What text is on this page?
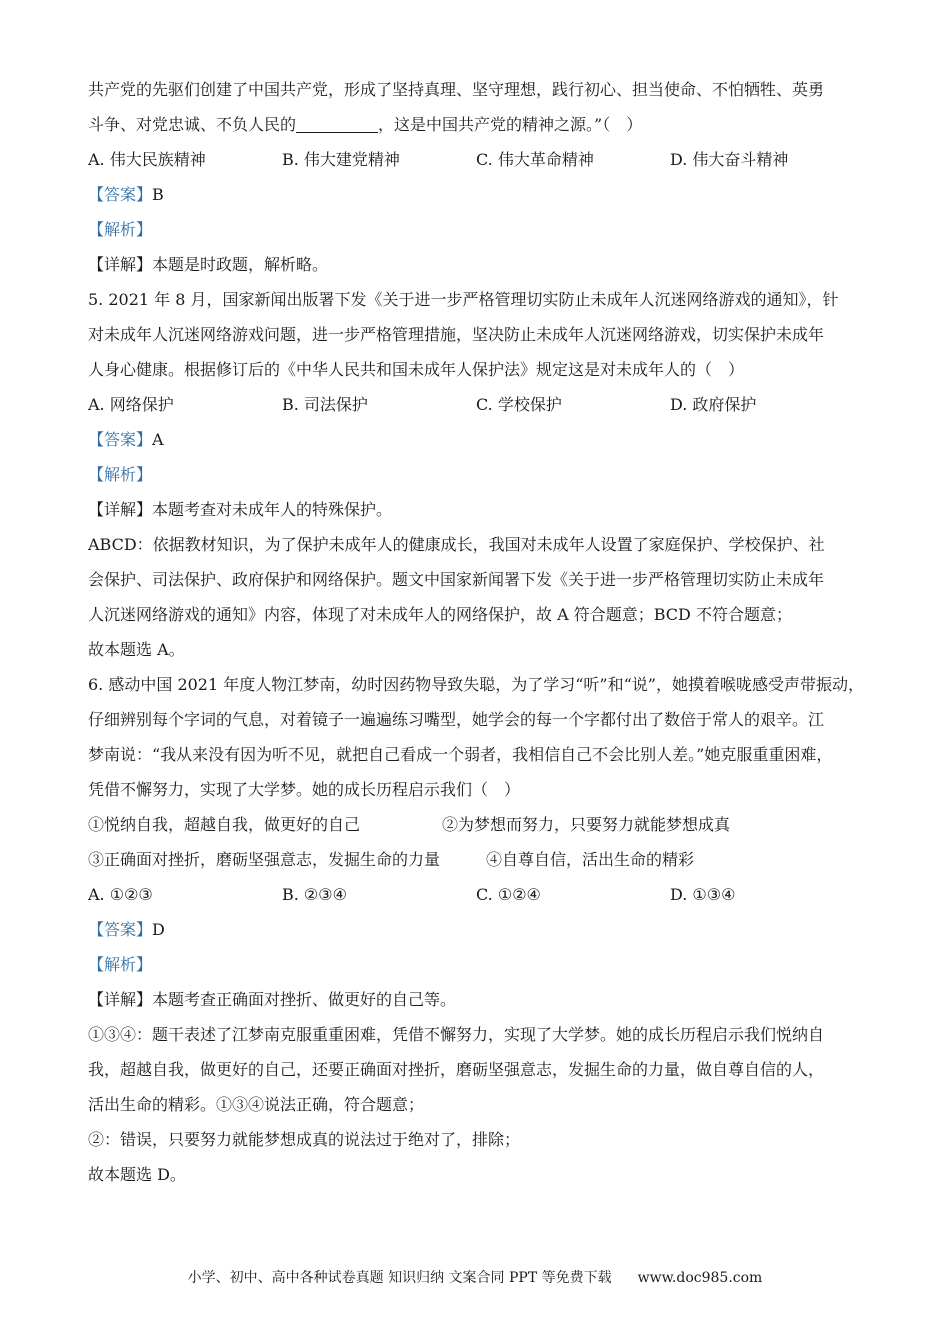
共产党的先驱们创建了中国共产党，形成了坚持真理、坚守理想，践行初心、担当使命、不怕牺牲、英勇
斗争、对党忠诚、不负人民的	，这是中国共产党的精神之源。”（　）
A. 伟大民族精神	B. 伟大建党精神	C. 伟大革命精神	D. 伟大奋斗精神
【答案】B
【解析】
【详解】本题是时政题，解析略。
5. 2021 年 8 月，国家新闻出版署下发《关于进一步严格管理切实防止未成年人沉迷网络游戏的通知》，针
对未成年人沉迷网络游戏问题，进一步严格管理措施，坚决防止未成年人沉迷网络游戏，切实保护未成年
人身心健康。根据修订后的《中华人民共和国未成年人保护法》规定这是对未成年人的（　）
A. 网络保护	B. 司法保护	C. 学校保护	D. 政府保护
【答案】A
【解析】
【详解】本题考查对未成年人的特殊保护。
ABCD：依据教材知识，为了保护未成年人的健康成长，我国对未成年人设置了家庭保护、学校保护、社
会保护、司法保护、政府保护和网络保护。题文中国家新闻署下发《关于进一步严格管理切实防止未成年
人沉迷网络游戏的通知》内容，体现了对未成年人的网络保护，故 A 符合题意；BCD 不符合题意；
故本题选 A。
6. 感动中国 2021 年度人物江梦南，幼时因药物导致失聪，为了学习“听”和“说”，她摸着喉咙感受声带振动，
仔细辨别每个字词的气息，对着镜子一遍遍练习嘴型，她学会的每一个字都付出了数倍于常人的艰辛。江
梦南说：“我从来没有因为听不见，就把自己看成一个弱者，我相信自己不会比别人差。”她克服重重困难，
凭借不懈努力，实现了大学梦。她的成长历程启示我们（　）
①悦纳自我，超越自我，做更好的自己	②为梦想而努力，只要努力就能梦想成真
③正确面对挫折，磨砺坚强意志，发掘生命的力量	④自尊自信，活出生命的精彩
A. ①②③	B. ②③④	C. ①②④	D. ①③④
【答案】D
【解析】
【详解】本题考查正确面对挫折、做更好的自己等。
①③④：题干表述了江梦南克服重重困难，凭借不懈努力，实现了大学梦。她的成长历程启示我们悦纳自
我，超越自我，做更好的自己，还要正确面对挫折，磨砺坚强意志，发掘生命的力量，做自尊自信的人，
活出生命的精彩。①③④说法正确，符合题意；
②：错误，只要努力就能梦想成真的说法过于绝对了，排除；
故本题选 D。
小学、初中、高中各种试卷真题 知识归纳 文案合同 PPT 等免费下载 www.doc985.com
